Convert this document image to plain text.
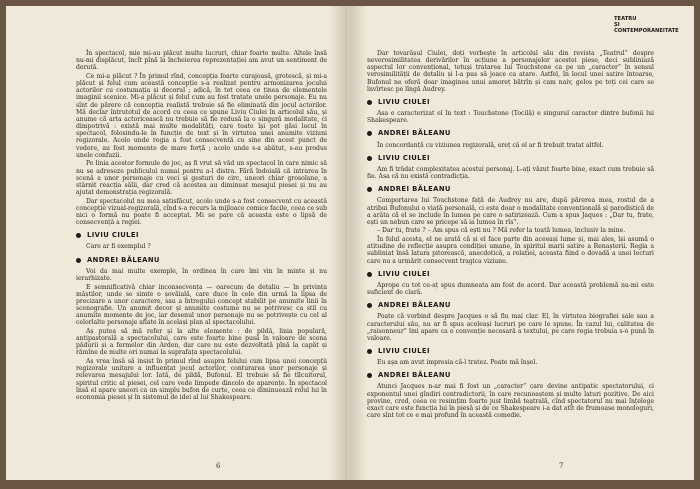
În spectacol, mie mi-au plăcut multe lucruri, chiar foarte multe. Altele însă nu-mi displăcut, încît pînă la încheierea reprezentației am avut un sentiment de derută.

Ce mi-a plăcut ? În primul rînd, concepția foarte curajoasă, grotescă, și mi-a plăcut și felul cum această concepție s-a realizat pentru armonizarea jocului actorilor cu costumația și decorul ; adică, în tot ceea ce ținea de elementele imaginii scenice. Mi-a plăcut și felul cum au fost tratate unele personaje. Eu nu sînt de părere că concepția realistă trebuie să fie eliminată din jocul actorilor. Mă declar întrutotul de acord cu ceea ce spune Liviu Ciulei în articolul său, și anume că arta actoricească nu trebuie să fie redusă la o singură modalitate, ci dimpotrivă : există mai multe modalități, care toate își pot găsi locul în spectacol, folosindu-le în funcție de text și în virtutea unei anumite viziuni regizorale. Acolo unde regia a fost consecventă cu sine din acest punct de vedere, au fost momente de mare forță ; acolo unde s-a abătut, s-au produs unele confuzii.

Pe linia acestor formule de joc, aș fi vrut să văd un spectacol în care nimic să nu se adreseze publicului numai pentru a-l distra. Fără îndoială că intrarea în scenă a unor personaje cu voci și gesturi de circ, uneori chiar grosolane, a stârnit reacția sălii, dar cred că acestea au diminuat mesajul piesei și nu au ajutat demonstrația regizorală.

Dar spectacolul nu mea satisfăcut, acolo unde s-a fost consecvent cu această concepție vizual-regizorală, cînd s-a recurs la mijloace comice facile, ceea ce sub nici o formă nu poate fi acceptat. Mi se pare că aceasta este o lipsă de consecvență a regiei.

LIVIU CIULEI

Care ar fi exemplul ?

ANDREI BĂLEANU

Voi da mai multe exemple, în ordinea în care îmi vin în minte și nu ierarhizate.

E semnificativă chiar inconsecvența — oarecum de detaliu — în privința măștilor, unde se simte o șovăială, care duce în cele din urmă la lipsa de precizare a unor caractere, sau a întregului concept stabilit pe anumite linii în scenografie. Un anumit decor și anumite costume nu se potrivesc ca stil cu anumite momente de joc, iar desenul unor personaje nu se potrivește cu cel al celorlalte personaje aflate în același plan al spectacolului.

Aș putea să mă refer și la alte elemente : de pildă, linia populară, antipastorală a spectacolului, care este foarte bine pusă în valoare de scena pădurii și a fermelor din Arden, dar care nu este dezvoltată pînă la capăt și rămîne de multe ori numai la suprafața spectacolului.

Aș vrea însă să insist în primul rînd asupra felului cum lipsa unei concepții regizorale unitare a influențat jocul actorilor, conturarea unor personaje și relevarea mesajului lor. Iată, de pildă, Bufonul. El trebuie să fie tîlcuitorul, spiritul critic al piesei, cel care vede limpede dincolo de aparențe. În spectacol însă el apare uneori ca un simplu bufon de curte, ceea ce diminuează rolul lui în economia piesei și în sistemul de idei al lui Shakespeare.

6
TEATRU
ȘI
CONTEMPORANEITATE

Dar tovarășul Ciulei, doți vorbește în articolul său din revista „Teatrul” despre neverosimilitatea derivărilor în acțiune a personajelor acestei piese, deci subliniază aspectul lor convențional, totuși tratarea lui Touchstone ca pe un „caracter” în sensul verosimilității de detaliu și l-a pus să joace ca atare. Astfel, în locul unei satire întoarse, Bufonul ne oferă doar imaginea unui amoreț bătrîn și cam naiv, gelos pe toți cei care se învîrtesc pe lîngă Audrey.

LIVIU CIULEI

Asa e caracterizat el în text : Touchstone (Tocilă) e singurul caracter dintre bufonii lui Shakespeare.

ANDREI BĂLEANU

În concordanță cu viziunea regizorală, ereț că el ar fi trebuit tratat altfel.

LIVIU CIULEI

Am fi trădat complexitatea acestui personaj. L-ați văzut foarte bine, exact cum trebuie să fie. Asa că nu există contradicția.

ANDREI BĂLEANU

Comportarea lui Touchstone față de Audrey nu are, după părerea mea, rostul de a atribui Bufonului o viață personală, ci este doar o modalitate convențională și parodistică de a arăta că el se include în lumea pe care o satirizează. Cum a spus Jaques : „Dar tu, frate, ești un nebun care se pricepe să ia lumea în rîs”.

– Dar tu, frate ? – Am spus că ești nu ? Mă refer la toată lumea, inclusiv la mine.

În felul acesta, el ne arată că și el face parte din aceeași lume și, mai ales, își asumă o atitudine de reflecție asupra condiției umane, în spiritul marii satire a Renașterii. Regia a subliniat însă latura pitorească, anecdotică, a relației, aceasta fiind o dovadă a unei lecturi care nu a urmărit consecvent tragica viziune.

LIVIU CIULEI

Aprope cu tot ce-aț spus dumneata am fost de acord. Dar această problemă nu-mi este suficient de clară.

ANDREI BĂLEANU

Poate că vorbind despre Jacques o să fiu mai clar. El, în virtutea biografiei sale sau a caracterului său, nu ar fi spus aceleași lucruri pe care le spune. În cazul lui, calitatea de „raisonneur” îmi apare ca o convenție necesară a textului, pe care regia trebuia s-o pună în valoare.

LIVIU CIULEI

Eu așa am avut impresia că-l tratez. Poate mă înșel.

ANDREI BĂLEANU

Atunci Jacques n-ar mai fi fost un „caracter” care devine antipatic spectatorului, ci exponentul unei gîndiri contradictorii, în care recunoaștem și multe laturi pozitive. De aici provine, cred, ceea ce resimțim foarte just limbă teatrală, cînd spectatorul nu mai înțelege exact care este funcția lui în piesă și de ce Shakespeare i-a dat atît de frumoase monologuri, care sînt tot ce e mai profund în această comedie.

7
